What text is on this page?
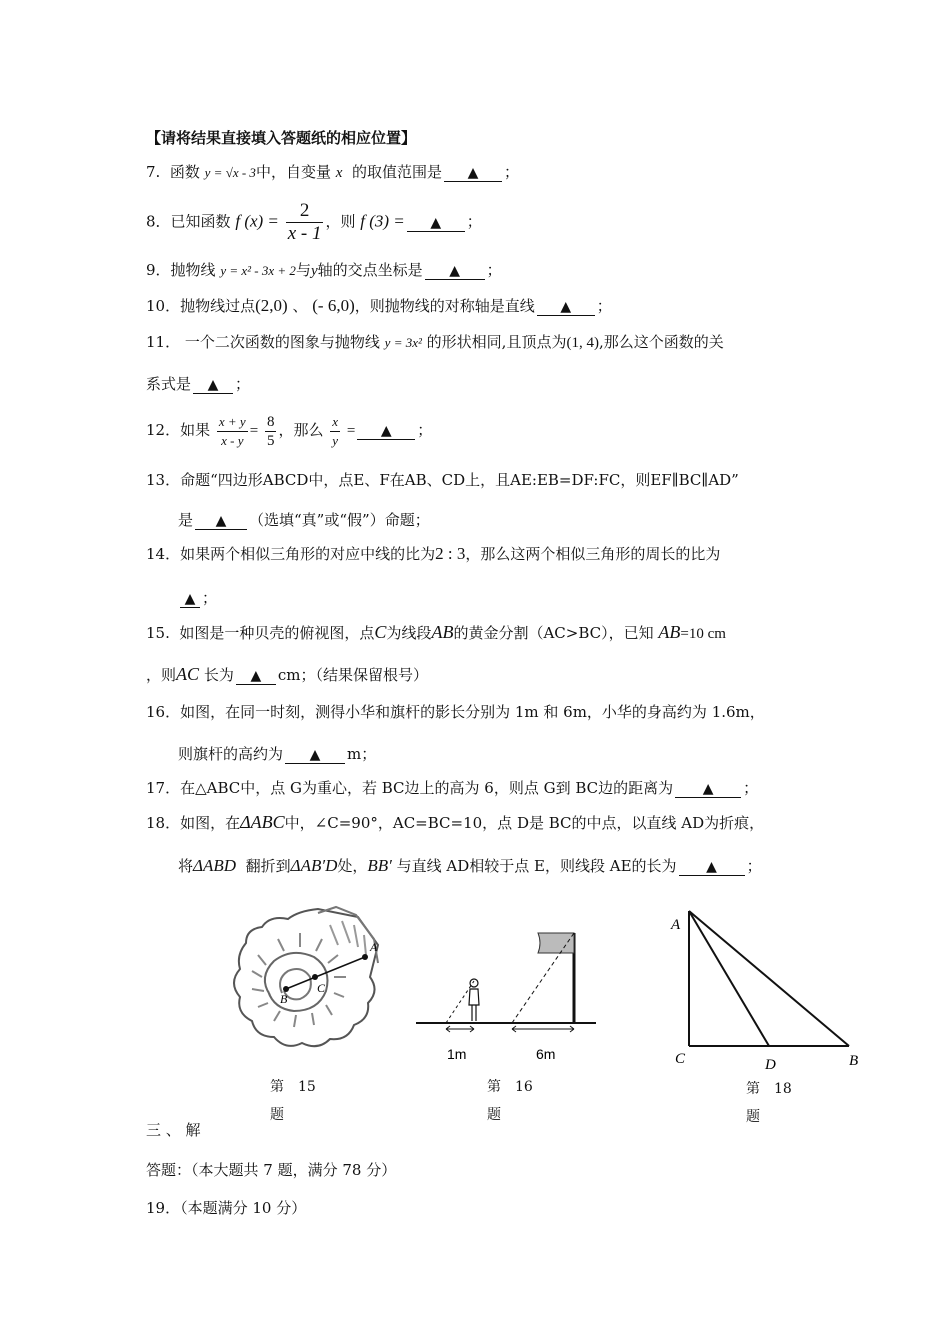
【请将结果直接填入答题纸的相应位置】
7. 函数 y = √x - 3中，自变量 x 的取值范围是 ▲ ；
8．已知函数 f $(x) = \frac{2}{x - 1}$ ，则 f (3) = ▲ ；
9．抛物线 y = x² - 3x + 2与y轴的交点坐标是 ▲ ；
10．抛物线过点(2,0) 、 (- 6,0)，则抛物线的对称轴是直线 ▲ ；
11． 一个二次函数的图象与抛物线 y = 3x² 的形状相同,且顶点为(1, 4),那么这个函数的关
系式是 ▲ ；
12．如果 $\frac{x + y}{x - y} = \frac{8}{5}$ ，那么 $\frac{x}{y}$ = ▲ ；
13．命题“四边形ABCD中，点E、F在AB、CD上，且AE:EB=DF:FC，则EF∥BC∥AD”
是 ▲ （选填“真”或“假”）命题；
14．如果两个相似三角形的对应中线的比为2 : 3，那么这两个相似三角形的周长的比为
▲ ；
15. 如图是一种贝壳的俯视图，点C为线段AB的黄金分割（AC>BC），已知 AB=10 cm
，则AC 长为 ▲ cm；（结果保留根号）
16．如图，在同一时刻，测得小华和旗杆的影长分别为 1m 和 6m，小华的身高约为 1.6m，
则旗杆的高约为 ▲ m；
17．在△ABC中，点 G为重心，若 BC边上的高为 6，则点 G到 BC边的距离为 ▲ ；
18．如图，在ΔABC中，∠C=90°，AC=BC=10，点 D是 BC的中点，以直线 AD为折痕，
将ΔABD 翻折到ΔAB′D处，BB′ 与直线 AD相较于点 E，则线段 AE的长为 ▲ ；
A
C
B
第　15
题
1m	6m
第　16
题
A
C	D	B
第　18
题
三 、 解
答题：（本大题共 7 题，满分 78 分）
19．（本题满分 10 分）
